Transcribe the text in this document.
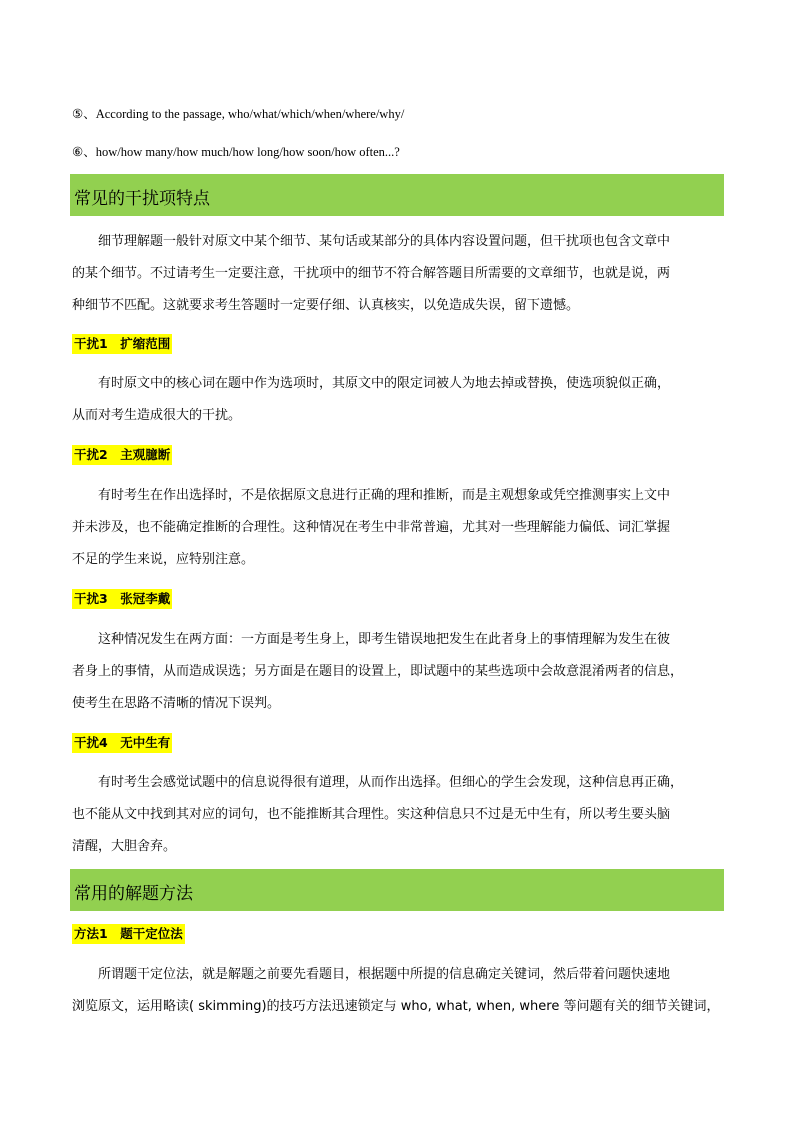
⑤、According to the passage, who/what/which/when/where/why/
⑥、how/how many/how much/how long/how soon/how often...?
常见的干扰项特点

细节理解题一般针对原文中某个细节、某句话或某部分的具体内容设置问题，但干扰项也包含文章中

的某个细节。不过请考生一定要注意，干扰项中的细节不符合解答题目所需要的文章细节，也就是说，两

种细节不匹配。这就要求考生答题时一定要仔细、认真核实，以免造成失误，留下遗憾。

干扰1　扩缩范围

有时原文中的核心词在题中作为选项时，其原文中的限定词被人为地去掉或替换，使选项貌似正确，

从而对考生造成很大的干扰。

干扰2　主观臆断

有时考生在作出选择时，不是依据原文息进行正确的理和推断，而是主观想象或凭空推测事实上文中

并未涉及，也不能确定推断的合理性。这种情况在考生中非常普遍，尤其对一些理解能力偏低、词汇掌握

不足的学生来说，应特别注意。

干扰3　张冠李戴

这种情况发生在两方面：一方面是考生身上，即考生错误地把发生在此者身上的事情理解为发生在彼

者身上的事情，从而造成误选；另方面是在题目的设置上，即试题中的某些选项中会故意混淆两者的信息，

使考生在思路不清晰的情况下误判。

干扰4　无中生有

有时考生会感觉试题中的信息说得很有道理，从而作出选择。但细心的学生会发现，这种信息再正确，

也不能从文中找到其对应的词句，也不能推断其合理性。实这种信息只不过是无中生有，所以考生要头脑

清醒，大胆舍弃。

常用的解题方法
方法1　题干定位法

所谓题干定位法，就是解题之前要先看题目，根据题中所提的信息确定关键词，然后带着问题快速地

浏览原文，运用略读( skimming)的技巧方法迅速锁定与 who, what, when, where 等问题有关的细节关键词，
